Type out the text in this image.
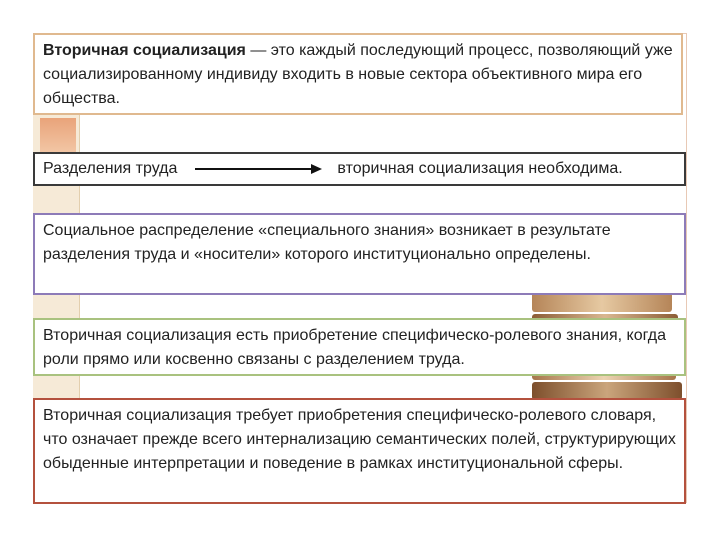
Вторичная социализация — это каждый последующий процесс, позволяющий уже социализированному индивиду входить в новые сектора объективного мира его общества.
Разделения труда	вторичная социализация необходима.
Социальное распределение «специального знания» возникает в результате разделения труда и «носители» которого институционально определены.
Вторичная социализация есть приобретение специфическо-ролевого знания, когда роли прямо или косвенно связаны с разделением труда.
Вторичная социализация требует приобретения специфическо-ролевого словаря, что означает прежде всего интернализацию семантических полей, структурирующих обыденные интерпретации и поведение в рамках институциональной сферы.
